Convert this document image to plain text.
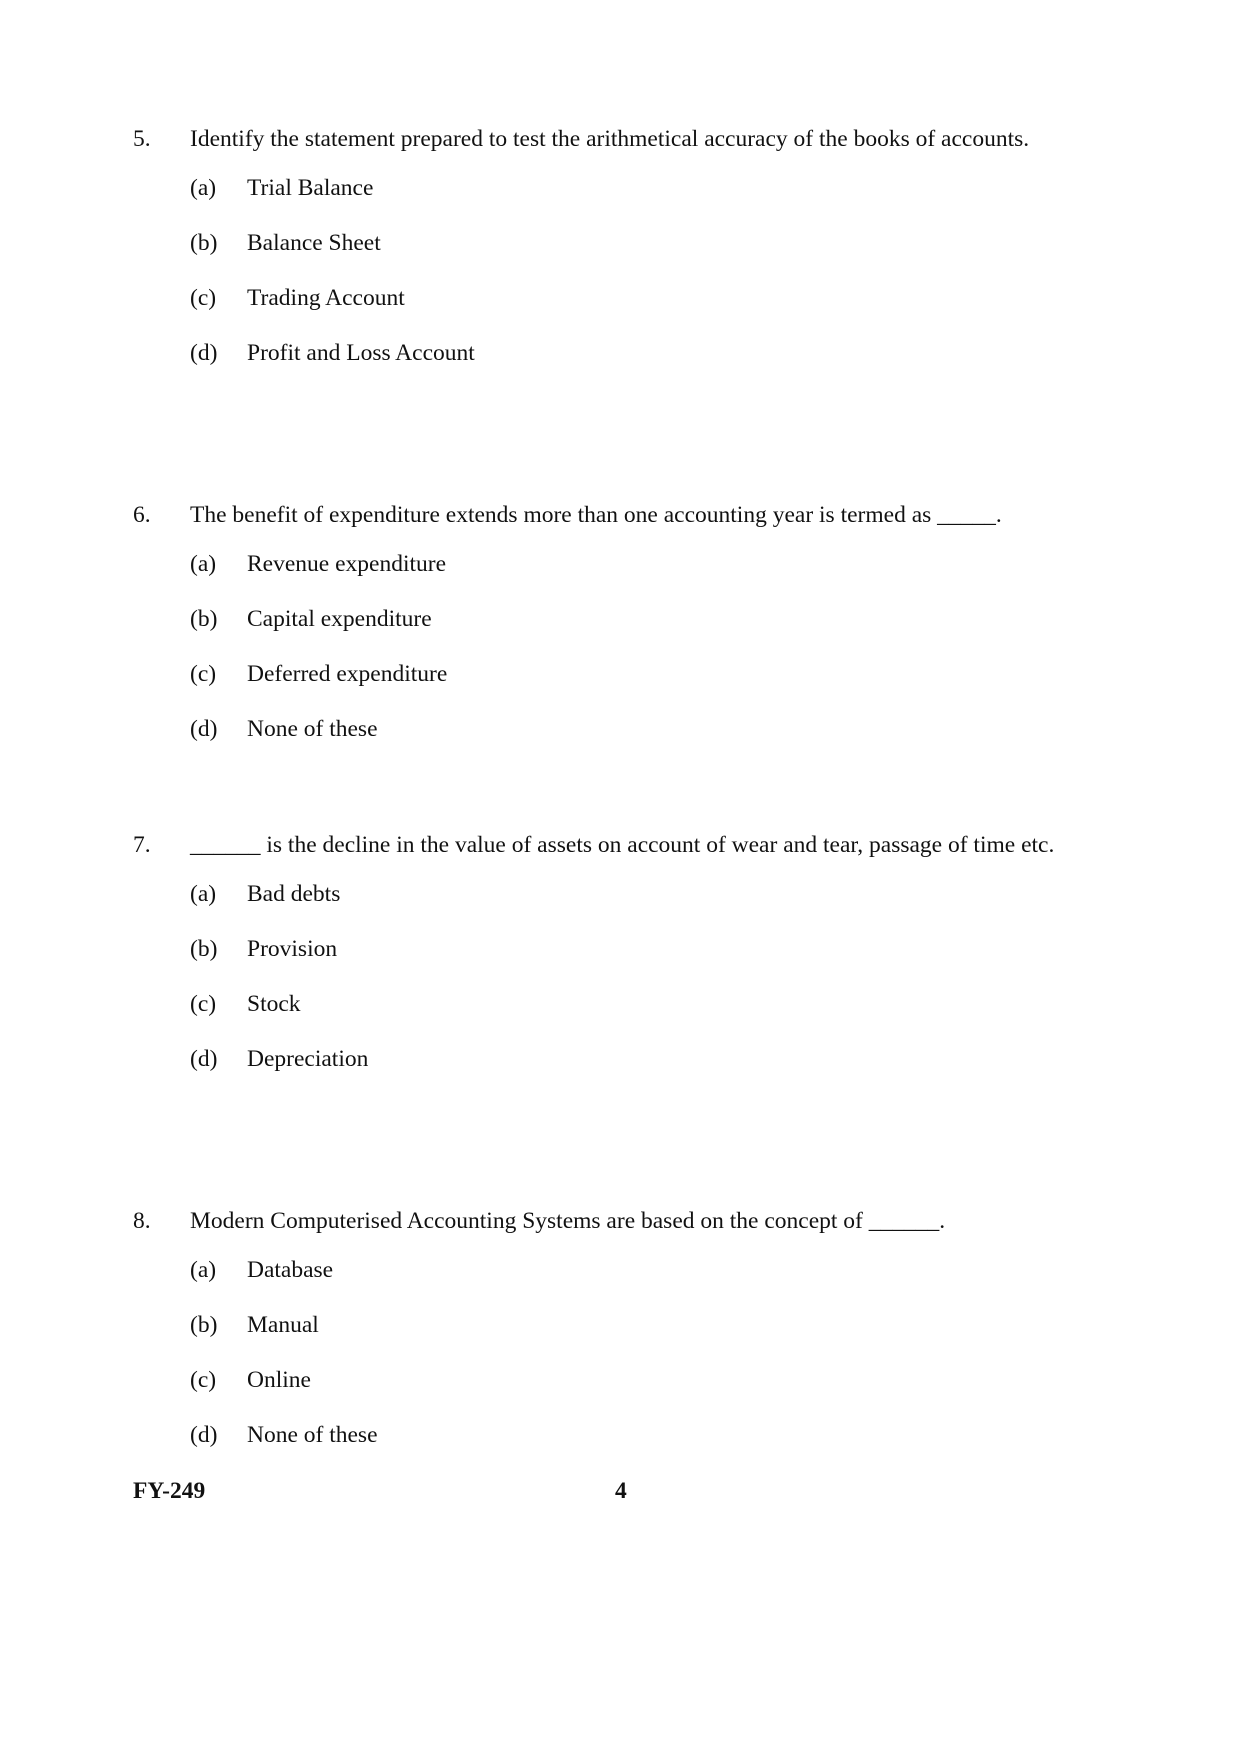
5. Identify the statement prepared to test the arithmetical accuracy of the books of accounts.
(a) Trial Balance
(b) Balance Sheet
(c) Trading Account
(d) Profit and Loss Account
6. The benefit of expenditure extends more than one accounting year is termed as _____.
(a) Revenue expenditure
(b) Capital expenditure
(c) Deferred expenditure
(d) None of these
7. ______ is the decline in the value of assets on account of wear and tear, passage of time etc.
(a) Bad debts
(b) Provision
(c) Stock
(d) Depreciation
8. Modern Computerised Accounting Systems are based on the concept of ______.
(a) Database
(b) Manual
(c) Online
(d) None of these
FY-249	4
